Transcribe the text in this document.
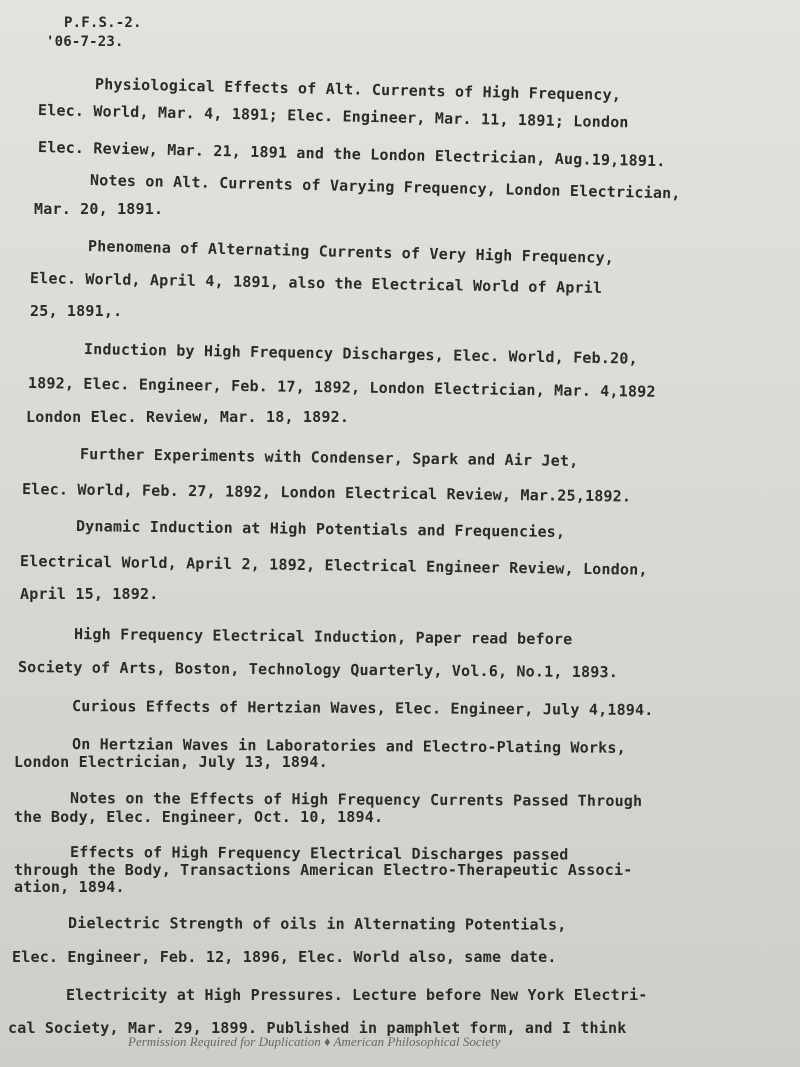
P.F.S.-2.
'06-7-23.
Physiological Effects of Alt. Currents of High Frequency,
Elec. World, Mar. 4, 1891; Elec. Engineer, Mar. 11, 1891; London
Elec. Review, Mar. 21, 1891 and the London Electrician, Aug.19,1891.
Notes on Alt. Currents of Varying Frequency, London Electrician,
Mar. 20, 1891.
Phenomena of Alternating Currents of Very High Frequency,
Elec. World, April 4, 1891, also the Electrical World of April
25, 1891,.
Induction by High Frequency Discharges, Elec. World, Feb.20,
1892, Elec. Engineer, Feb. 17, 1892, London Electrician, Mar. 4,1892
London Elec. Review, Mar. 18, 1892.
Further Experiments with Condenser, Spark and Air Jet,
Elec. World, Feb. 27, 1892, London Electrical Review, Mar.25,1892.
Dynamic Induction at High Potentials and Frequencies,
Electrical World, April 2, 1892, Electrical Engineer Review, London,
April 15, 1892.
High Frequency Electrical Induction, Paper read before
Society of Arts, Boston, Technology Quarterly, Vol.6, No.1, 1893.
Curious Effects of Hertzian Waves, Elec. Engineer, July 4,1894.
On Hertzian Waves in Laboratories and Electro-Plating Works,
London Electrician, July 13, 1894.
Notes on the Effects of High Frequency Currents Passed Through
the Body, Elec. Engineer, Oct. 10, 1894.
Effects of High Frequency Electrical Discharges passed
through the Body, Transactions American Electro-Therapeutic Associ-
ation, 1894.
Dielectric Strength of oils in Alternating Potentials,
Elec. Engineer, Feb. 12, 1896, Elec. World also, same date.
Electricity at High Pressures. Lecture before New York Electri-
cal Society, Mar. 29, 1899. Published in pamphlet form, and I think
Permission Required for Duplication ♦ American Philosophical Society
